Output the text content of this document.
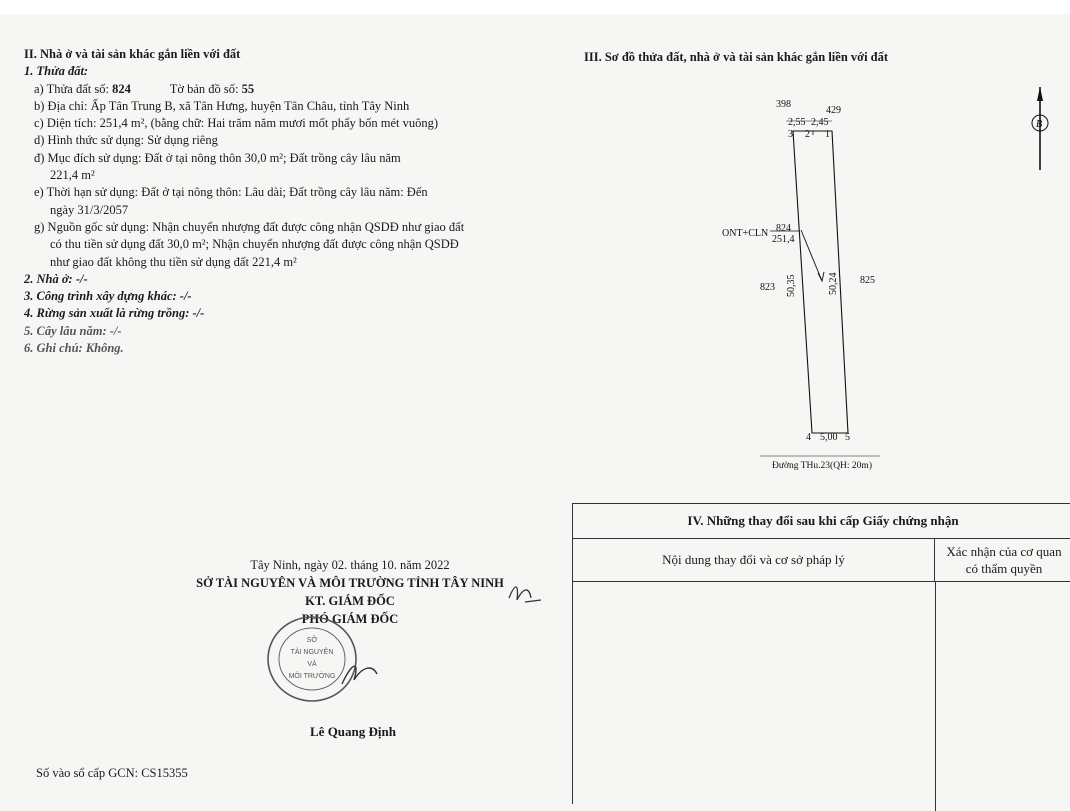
II. Nhà ở và tài sản khác gắn liền với đất
1. Thửa đất:
a) Thửa đất số: 824	Tờ bản đồ số: 55
b) Địa chỉ: Ấp Tân Trung B, xã Tân Hưng, huyện Tân Châu, tỉnh Tây Ninh
c) Diện tích: 251,4 m², (bằng chữ: Hai trăm năm mươi mốt phẩy bốn mét vuông)
d) Hình thức sử dụng: Sử dụng riêng
đ) Mục đích sử dụng: Đất ở tại nông thôn 30,0 m²; Đất trồng cây lâu năm
221,4 m²
e) Thời hạn sử dụng: Đất ở tại nông thôn: Lâu dài; Đất trồng cây lâu năm: Đến
ngày 31/3/2057
g) Nguồn gốc sử dụng: Nhận chuyển nhượng đất được công nhận QSDĐ như giao đất
có thu tiền sử dụng đất 30,0 m²; Nhận chuyển nhượng đất được công nhận QSDĐ
như giao đất không thu tiền sử dụng đất 221,4 m²
2. Nhà ở: -/-
3. Công trình xây dựng khác: -/-
4. Rừng sản xuất là rừng trồng: -/-
5. Cây lâu năm: -/-
6. Ghi chú: Không.
Tây Ninh, ngày 02. tháng 10. năm 2022
SỞ TÀI NGUYÊN VÀ MÔI TRƯỜNG TỈNH TÂY NINH
KT. GIÁM ĐỐC
PHÓ GIÁM ĐỐC
SỞ
TÀI NGUYÊN
VÀ
MÔI TRƯỜNG
Lê Quang Định
Số vào sổ cấp GCN: CS15355
III. Sơ đồ thửa đất, nhà ở và tài sản khác gắn liền với đất
398
429
2,55 2,45
3 2 1
ONT+CLN 824
251,4
823
825
50,35	50,24
4 5,00 5
Đường THu.23(QH: 20m)
B
IV. Những thay đổi sau khi cấp Giấy chứng nhận
Nội dung thay đổi và cơ sở pháp lý
Xác nhận của cơ quan
có thẩm quyền
